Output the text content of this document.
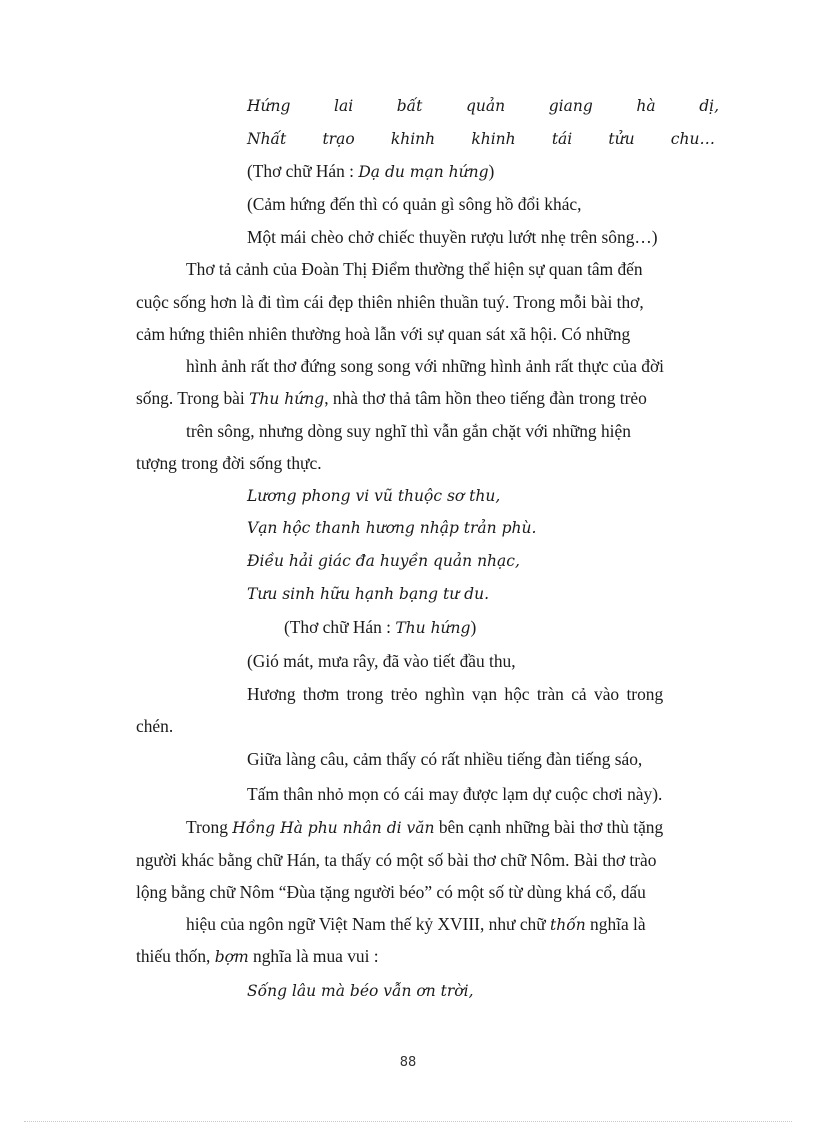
Hứng	lai	bất	quản	giang	hà	dị,
Nhất trạo khinh khinh tái tửu chu…
(Thơ chữ Hán : Dạ du mạn hứng)
(Cảm hứng đến thì có quản gì sông hồ đổi khác,
Một mái chèo chở chiếc thuyền rượu lướt nhẹ trên sông…)
Thơ tả cảnh của Đoàn Thị Điểm thường thể hiện sự quan tâm đến
cuộc sống hơn là đi tìm cái đẹp thiên nhiên thuần tuý. Trong mỗi bài thơ,
cảm hứng thiên nhiên thường hoà lẫn với sự quan sát xã hội. Có những
hình ảnh rất thơ đứng song song với những hình ảnh rất thực của đời
sống. Trong bài Thu hứng, nhà thơ thả tâm hồn theo tiếng đàn trong trẻo
trên sông, nhưng dòng suy nghĩ thì vẫn gắn chặt với những hiện
tượng trong đời sống thực.
Lương phong vi vũ thuộc sơ thu,
Vạn hộc thanh hương nhập trản phù.
Điều hải giác đa huyền quản nhạc,
Tưu sinh hữu hạnh bạng tư du.
(Thơ chữ Hán : Thu hứng)
(Gió mát, mưa rây, đã vào tiết đầu thu,
Hương thơm trong trẻo nghìn vạn hộc tràn cả vào trong
chén.
Giữa làng câu, cảm thấy có rất nhiều tiếng đàn tiếng sáo,
Tấm thân nhỏ mọn có cái may được lạm dự cuộc chơi này).
Trong Hồng Hà phu nhân di văn bên cạnh những bài thơ thù tặng
người khác bằng chữ Hán, ta thấy có một số bài thơ chữ Nôm. Bài thơ trào
lộng bằng chữ Nôm “Đùa tặng người béo” có một số từ dùng khá cổ, dấu
hiệu của ngôn ngữ Việt Nam thế kỷ XVIII, như chữ thốn nghĩa là
thiếu thốn, bợm nghĩa là mua vui :
Sống lâu mà béo vẫn ơn trời,
88
